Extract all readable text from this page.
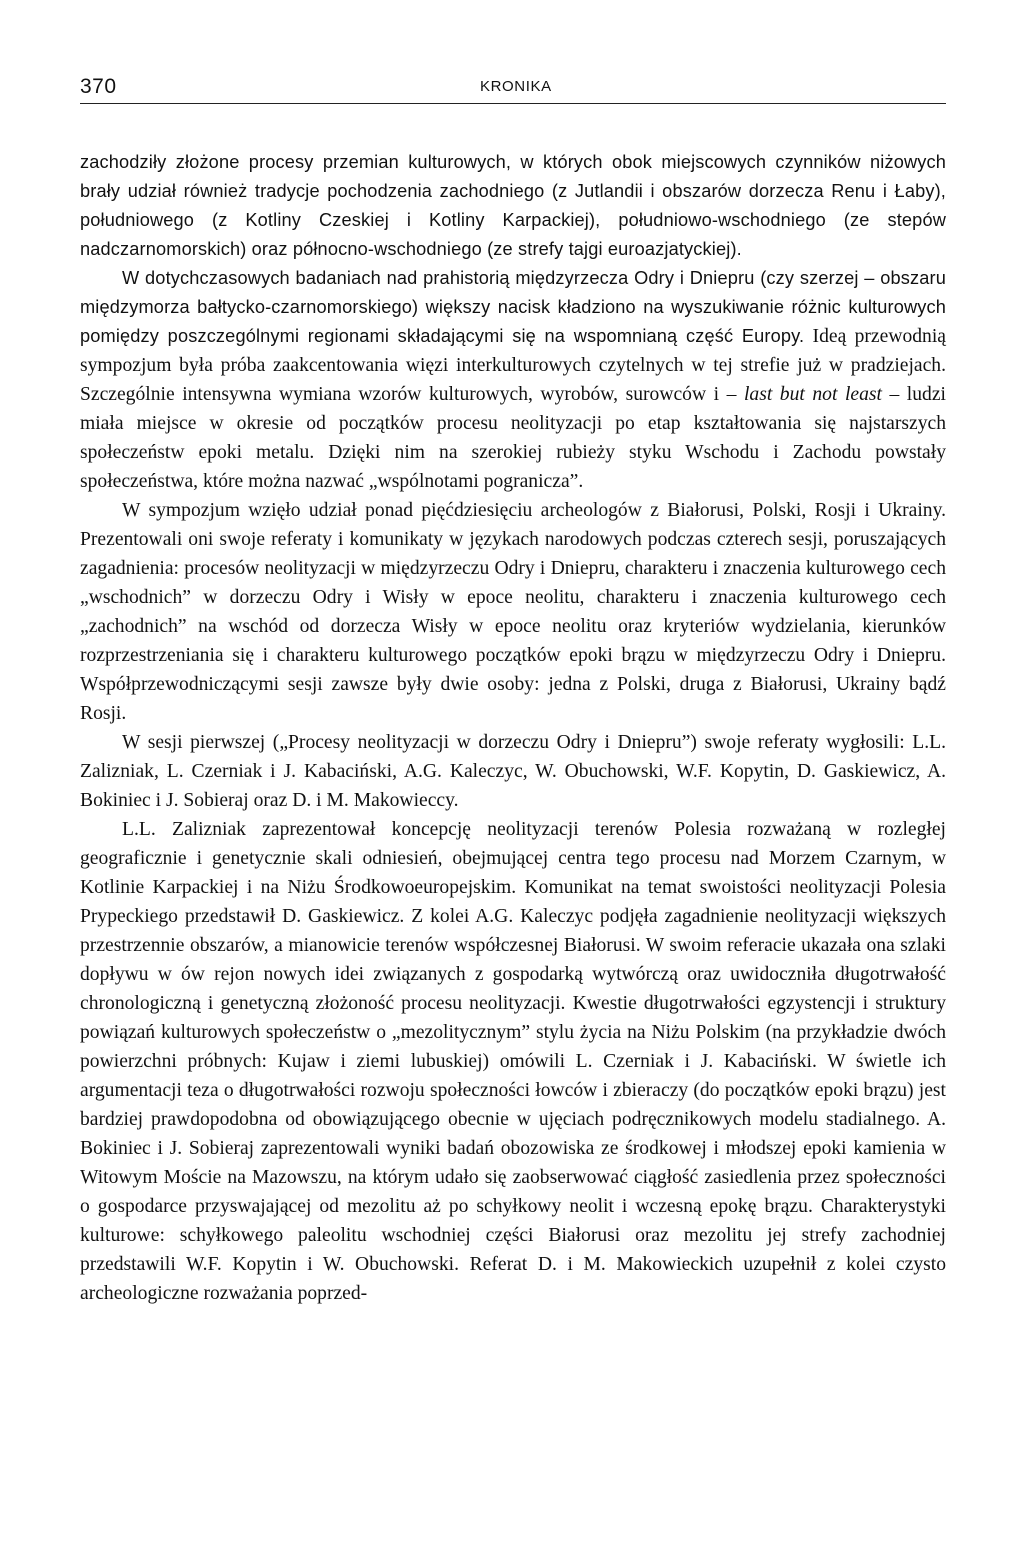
370	KRONIKA

zachodziły złożone procesy przemian kulturowych, w których obok miejscowych czynników niżowych brały udział również tradycje pochodzenia zachodniego (z Jutlandii i obszarów dorzecza Renu i Łaby), południowego (z Kotliny Czeskiej i Kotliny Karpackiej), południowo-wschodniego (ze stepów nadczarnomorskich) oraz północno-wschodniego (ze strefy tajgi euroazjatyckiej).

W dotychczasowych badaniach nad prahistorią międzyrzecza Odry i Dniepru (czy szerzej – obszaru międzymorza bałtycko-czarnomorskiego) większy nacisk kładziono na wyszukiwanie różnic kulturowych pomiędzy poszczególnymi regionami składającymi się na wspomnianą część Europy. Ideą przewodnią sympozjum była próba zaakcentowania więzi interkulturowych czytelnych w tej strefie już w pradziejach. Szczególnie intensywna wymiana wzorów kulturowych, wyrobów, surowców i – last but not least – ludzi miała miejsce w okresie od początków procesu neolityzacji po etap kształtowania się najstarszych społeczeństw epoki metalu. Dzięki nim na szerokiej rubieży styku Wschodu i Zachodu powstały społeczeństwa, które można nazwać „wspólnotami pogranicza”.

W sympozjum wzięło udział ponad pięćdziesięciu archeologów z Białorusi, Polski, Rosji i Ukrainy. Prezentowali oni swoje referaty i komunikaty w językach narodowych podczas czterech sesji, poruszających zagadnienia: procesów neolityzacji w międzyrzeczu Odry i Dniepru, charakteru i znaczenia kulturowego cech „wschodnich” w dorzeczu Odry i Wisły w epoce neolitu, charakteru i znaczenia kulturowego cech „zachodnich” na wschód od dorzecza Wisły w epoce neolitu oraz kryteriów wydzielania, kierunków rozprzestrzeniania się i charakteru kulturowego początków epoki brązu w międzyrzeczu Odry i Dniepru. Współprzewodniczącymi sesji zawsze były dwie osoby: jedna z Polski, druga z Białorusi, Ukrainy bądź Rosji.

W sesji pierwszej („Procesy neolityzacji w dorzeczu Odry i Dniepru”) swoje referaty wygłosili: L.L. Zalizniak, L. Czerniak i J. Kabaciński, A.G. Kaleczyc, W. Obuchowski, W.F. Kopytin, D. Gaskiewicz, A. Bokiniec i J. Sobieraj oraz D. i M. Makowieccy.

L.L. Zalizniak zaprezentował koncepcję neolityzacji terenów Polesia rozważaną w rozległej geograficznie i genetycznie skali odniesień, obejmującej centra tego procesu nad Morzem Czarnym, w Kotlinie Karpackiej i na Niżu Środkowoeuropejskim. Komunikat na temat swoistości neolityzacji Polesia Prypeckiego przedstawił D. Gaskiewicz. Z kolei A.G. Kaleczyc podjęła zagadnienie neolityzacji większych przestrzennie obszarów, a mianowicie terenów współczesnej Białorusi. W swoim referacie ukazała ona szlaki dopływu w ów rejon nowych idei związanych z gospodarką wytwórczą oraz uwidoczniła długotrwałość chronologiczną i genetyczną złożoność procesu neolityzacji. Kwestie długotrwałości egzystencji i struktury powiązań kulturowych społeczeństw o „mezolitycznym” stylu życia na Niżu Polskim (na przykładzie dwóch powierzchni próbnych: Kujaw i ziemi lubuskiej) omówili L. Czerniak i J. Kabaciński. W świetle ich argumentacji teza o długotrwałości rozwoju społeczności łowców i zbieraczy (do początków epoki brązu) jest bardziej prawdopodobna od obowiązującego obecnie w ujęciach podręcznikowych modelu stadialnego. A. Bokiniec i J. Sobieraj zaprezentowali wyniki badań obozowiska ze środkowej i młodszej epoki kamienia w Witowym Moście na Mazowszu, na którym udało się zaobserwować ciągłość zasiedlenia przez społeczności o gospodarce przyswajającej od mezolitu aż po schyłkowy neolit i wczesną epokę brązu. Charakterystyki kulturowe: schyłkowego paleolitu wschodniej części Białorusi oraz mezolitu jej strefy zachodniej przedstawili W.F. Kopytin i W. Obuchowski. Referat D. i M. Makowieckich uzupełnił z kolei czysto archeologiczne rozważania poprzed-
